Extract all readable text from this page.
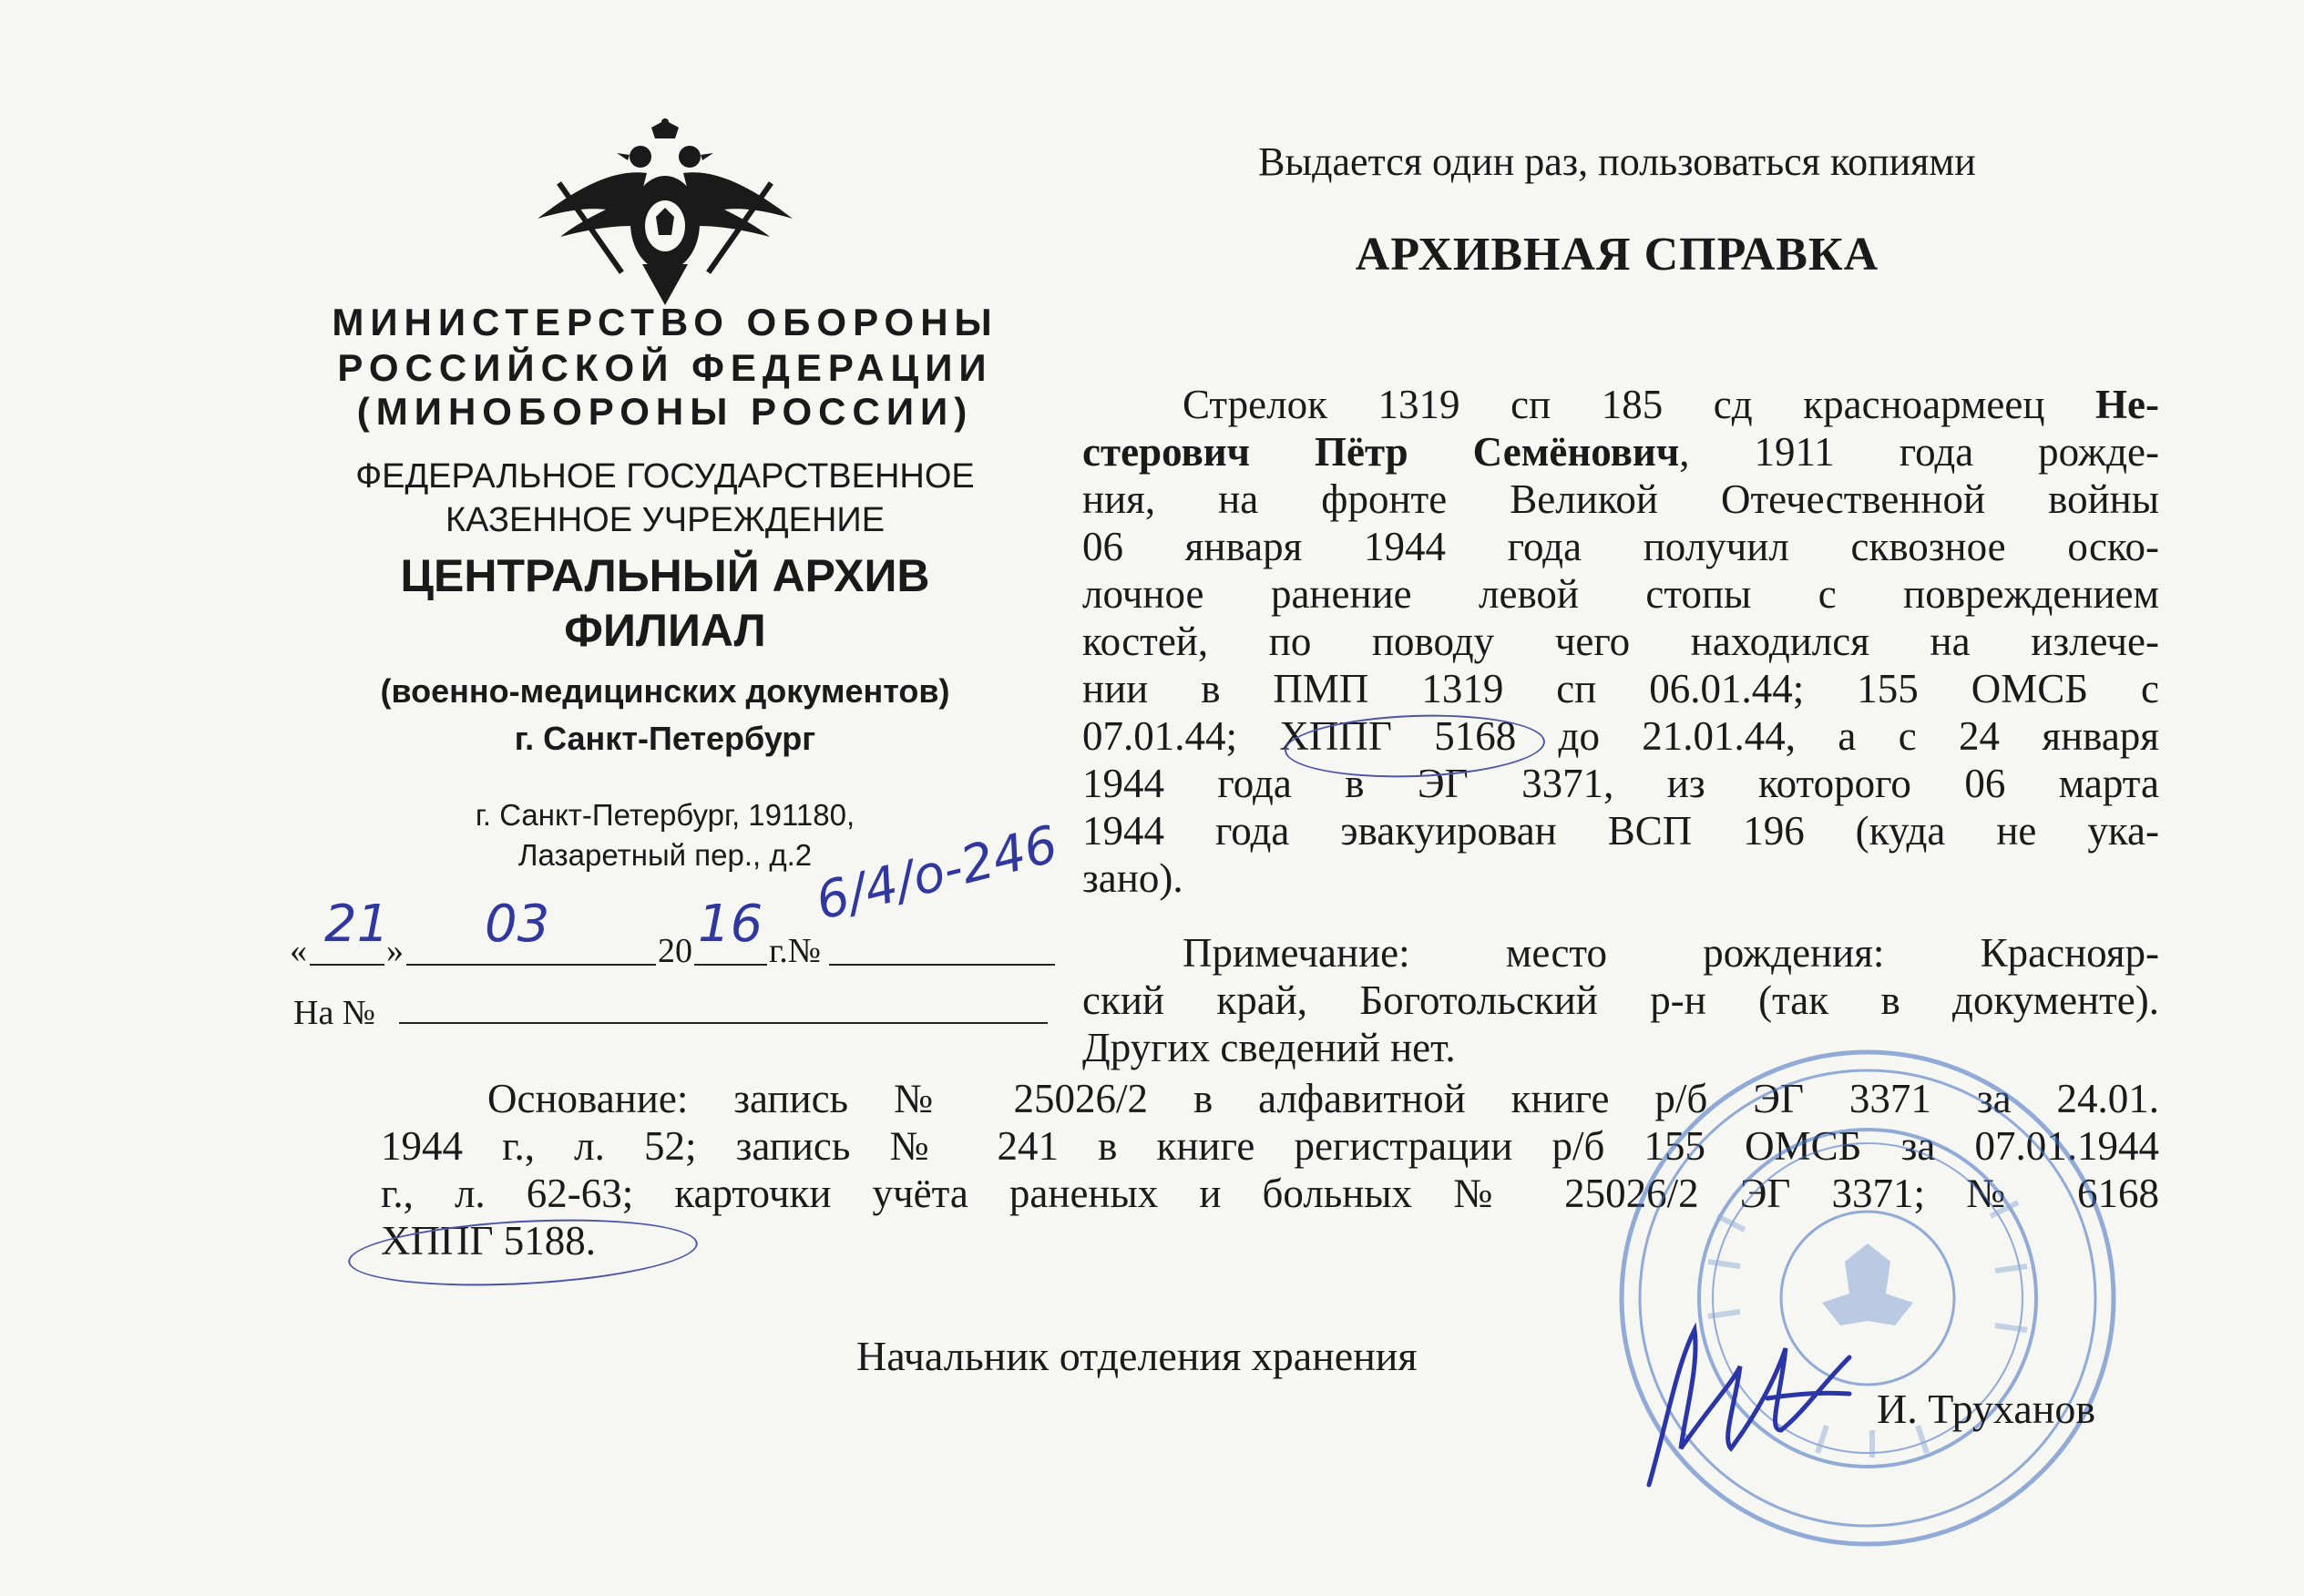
МИНИСТЕРСТВО ОБОРОНЫ
РОССИЙСКОЙ ФЕДЕРАЦИИ
(МИНОБОРОНЫ РОССИИ)
ФЕДЕРАЛЬНОЕ ГОСУДАРСТВЕННОЕ
КАЗЕННОЕ УЧРЕЖДЕНИЕ
ЦЕНТРАЛЬНЫЙ АРХИВ
ФИЛИАЛ
(военно-медицинских документов)
г. Санкт-Петербург
г. Санкт-Петербург, 191180,
Лазаретный пер., д.2
« »	20 г.№
21 03	16 6/4/о-246
На №
Выдается один раз, пользоваться копиями
АРХИВНАЯ СПРАВКА
Стрелок 1319 сп 185 сд красноармеец Не-
стерович Пётр Семёнович, 1911 года рожде-
ния, на фронте Великой Отечественной войны
06 января 1944 года получил сквозное оско-
лочное ранение левой стопы с повреждением
костей, по поводу чего находился на излече-
нии в ПМП 1319 сп 06.01.44; 155 ОМСБ с
07.01.44; ХППГ 5168 до 21.01.44, а с 24 января
1944 года в ЭГ 3371, из которого 06 марта
1944 года эвакуирован ВСП 196 (куда не ука-
зано).
Примечание: место рождения: Краснояр-
ский край, Боготольский р-н (так в документе).
Других сведений нет.
Основание: запись № 25026/2 в алфавитной книге р/б ЭГ 3371 за 24.01.
1944 г., л. 52; запись № 241 в книге регистрации р/б 155 ОМСБ за 07.01.1944
г., л. 62-63; карточки учёта раненых и больных № 25026/2 ЭГ 3371; № 6168
ХППГ 5188.
Начальник отделения хранения
И. Труханов
